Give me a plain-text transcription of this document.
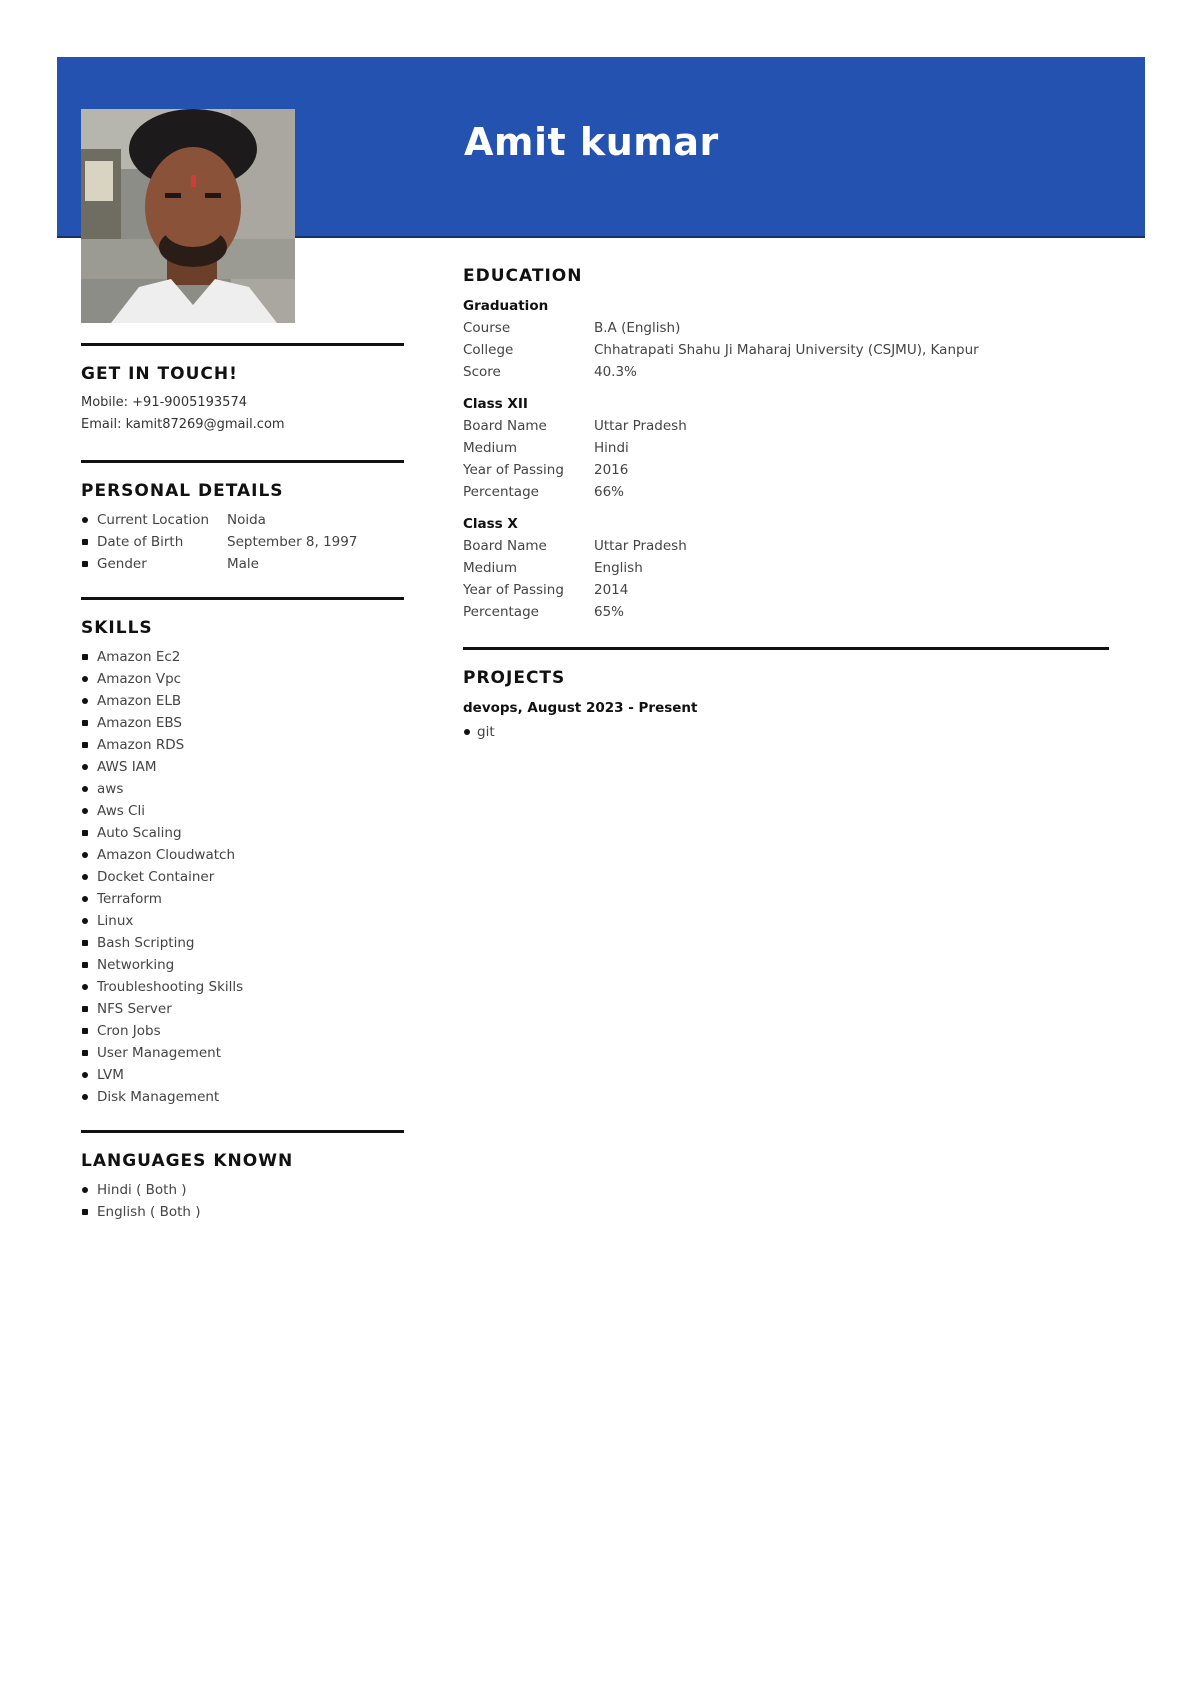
Amit kumar
GET IN TOUCH!
Mobile: +91-9005193574
Email: kamit87269@gmail.com
PERSONAL DETAILS
Current Location Noida
Date of Birth	September 8, 1997
Gender	Male
SKILLS
Amazon Ec2
Amazon Vpc
Amazon ELB
Amazon EBS
Amazon RDS
AWS IAM
aws
Aws Cli
Auto Scaling
Amazon Cloudwatch
Docket Container
Terraform
Linux
Bash Scripting
Networking
Troubleshooting Skills
NFS Server
Cron Jobs
User Management
LVM
Disk Management
LANGUAGES KNOWN
Hindi ( Both )
English ( Both )
EDUCATION
Graduation
Course	B.A (English)
College	Chhatrapati Shahu Ji Maharaj University (CSJMU), Kanpur
Score	40.3%
Class XII
Board Name	Uttar Pradesh
Medium	Hindi
Year of Passing 2016
Percentage	66%
Class X
Board Name	Uttar Pradesh
Medium	English
Year of Passing 2014
Percentage	65%
PROJECTS
devops, August 2023 - Present
git
